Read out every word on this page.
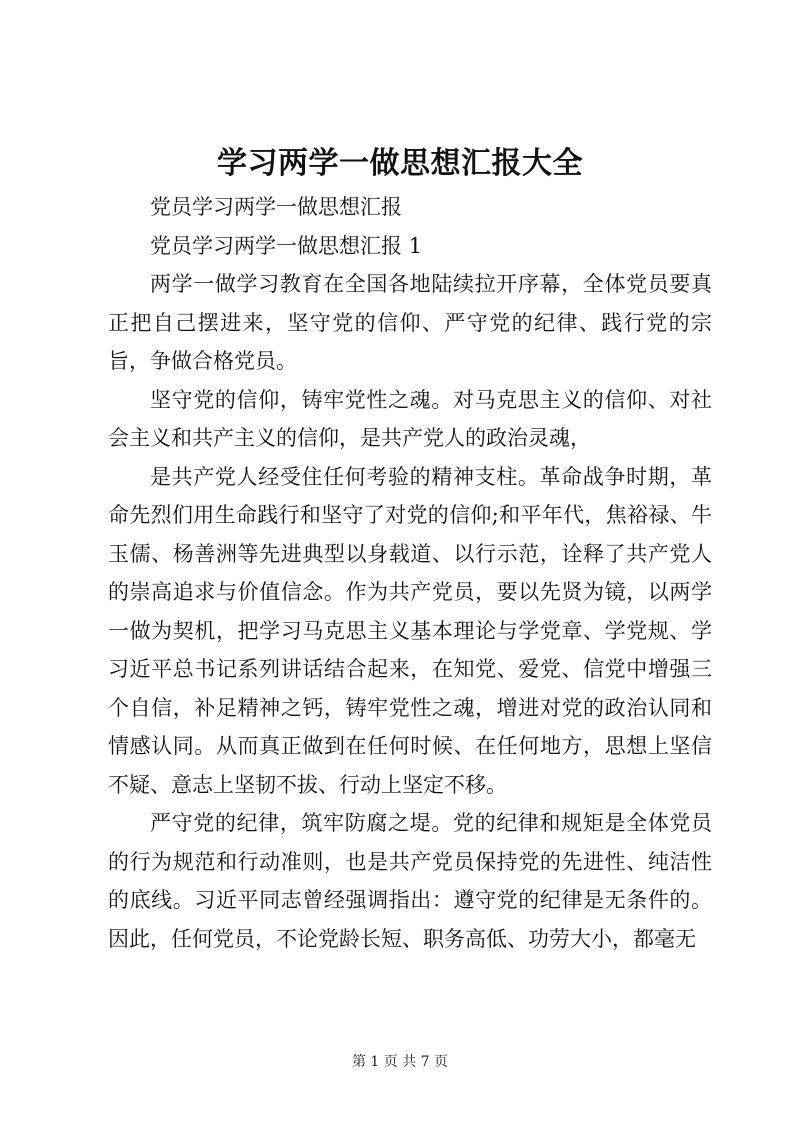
学习两学一做思想汇报大全

党员学习两学一做思想汇报

党员学习两学一做思想汇报 1

两学一做学习教育在全国各地陆续拉开序幕，全体党员要真正把自己摆进来，坚守党的信仰、严守党的纪律、践行党的宗旨，争做合格党员。

坚守党的信仰，铸牢党性之魂。对马克思主义的信仰、对社会主义和共产主义的信仰，是共产党人的政治灵魂，

是共产党人经受住任何考验的精神支柱。革命战争时期，革命先烈们用生命践行和坚守了对党的信仰;和平年代，焦裕禄、牛玉儒、杨善洲等先进典型以身载道、以行示范，诠释了共产党人的崇高追求与价值信念。作为共产党员，要以先贤为镜，以两学一做为契机，把学习马克思主义基本理论与学党章、学党规、学习近平总书记系列讲话结合起来，在知党、爱党、信党中增强三个自信，补足精神之钙，铸牢党性之魂，增进对党的政治认同和情感认同。从而真正做到在任何时候、在任何地方，思想上坚信不疑、意志上坚韧不拔、行动上坚定不移。

严守党的纪律，筑牢防腐之堤。党的纪律和规矩是全体党员的行为规范和行动准则，也是共产党员保持党的先进性、纯洁性的底线。习近平同志曾经强调指出：遵守党的纪律是无条件的。因此，任何党员，不论党龄长短、职务高低、功劳大小，都毫无

第 1 页 共 7 页
